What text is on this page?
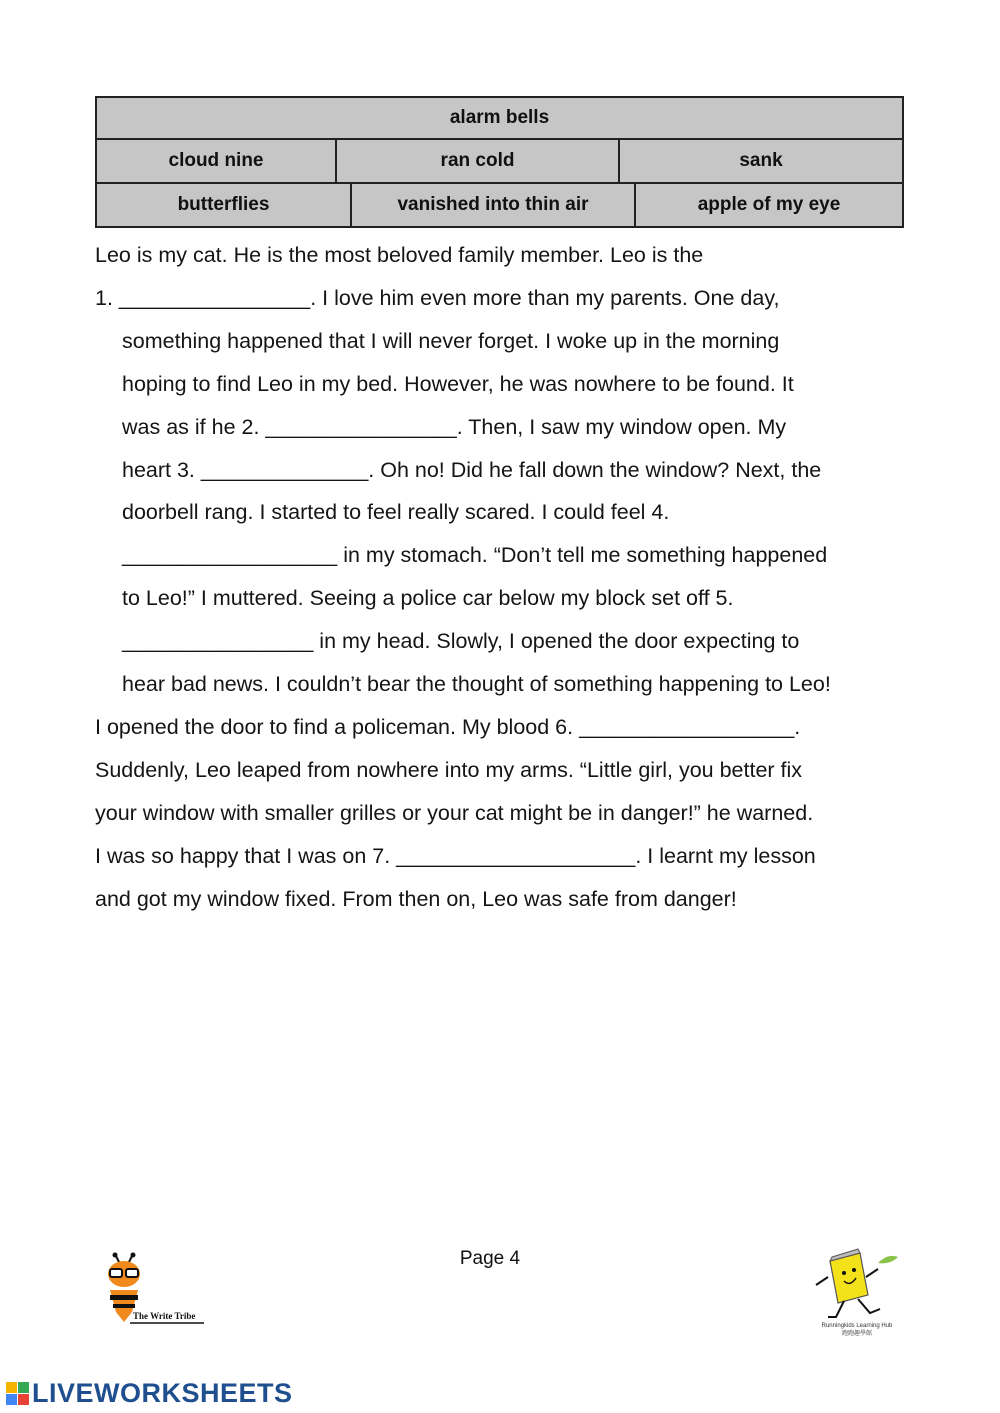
alarm bells
cloud nine	ran cold	sank
butterflies	vanished into thin air	apple of my eye
Leo is my cat. He is the most beloved family member. Leo is the
1. ________________. I love him even more than my parents. One day,
something happened that I will never forget. I woke up in the morning
hoping to find Leo in my bed. However, he was nowhere to be found. It
was as if he 2. ________________. Then, I saw my window open. My
heart 3. ______________. Oh no! Did he fall down the window? Next, the
doorbell rang. I started to feel really scared. I could feel 4.
__________________ in my stomach. “Don’t tell me something happened
to Leo!” I muttered. Seeing a police car below my block set off 5.
________________ in my head. Slowly, I opened the door expecting to
hear bad news. I couldn’t bear the thought of something happening to Leo!
I opened the door to find a policeman. My blood 6. __________________.
Suddenly, Leo leaped from nowhere into my arms. “Little girl, you better fix
your window with smaller grilles or your cat might be in danger!” he warned.
I was so happy that I was on 7. ____________________. I learnt my lesson
and got my window fixed. From then on, Leo was safe from danger!
Page 4
The Write Tribe
Runningkids Learning Hub
跑跑趣學館
LIVEWORKSHEETS
